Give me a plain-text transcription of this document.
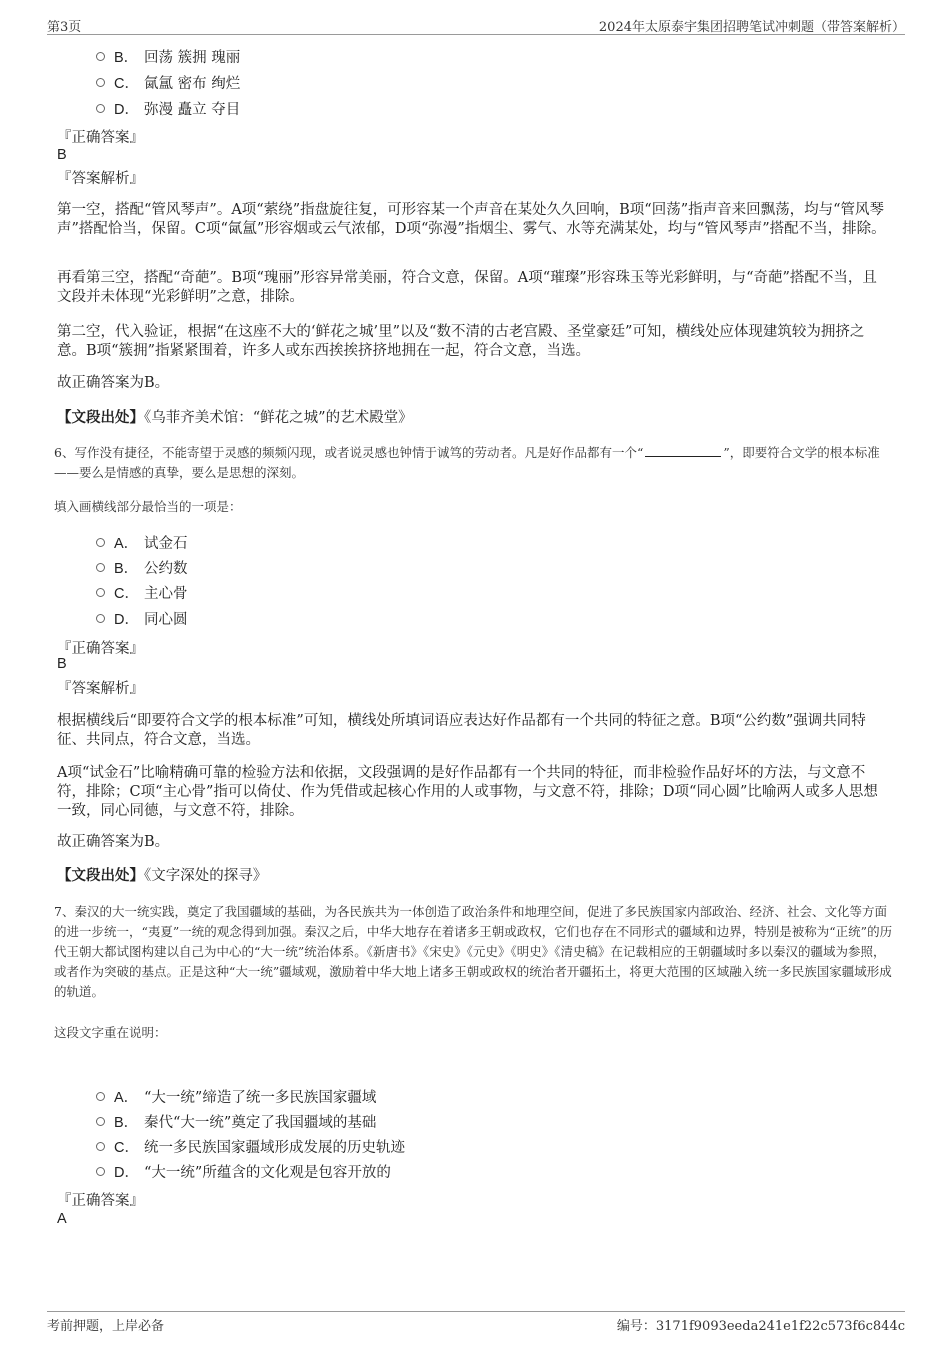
第3页	2024年太原泰宇集团招聘笔试冲刺题（带答案解析）
B． 回荡 簇拥 瑰丽
C． 氤氲 密布 绚烂
D． 弥漫 矗立 夺目
『正确答案』
B
『答案解析』
第一空，搭配“管风琴声”。A项“萦绕”指盘旋往复，可形容某一个声音在某处久久回响，B项“回荡”指声音来回飘荡，均与“管风琴声”搭配恰当，保留。C项“氤氲”形容烟或云气浓郁，D项“弥漫”指烟尘、雾气、水等充满某处，均与“管风琴声”搭配不当，排除。
再看第三空，搭配“奇葩”。B项“瑰丽”形容异常美丽，符合文意，保留。A项“璀璨”形容珠玉等光彩鲜明，与“奇葩”搭配不当，且文段并未体现“光彩鲜明”之意，排除。
第二空，代入验证，根据“在这座不大的‘鲜花之城’里”以及“数不清的古老宫殿、圣堂豪廷”可知，横线处应体现建筑较为拥挤之意。B项“簇拥”指紧紧围着，许多人或东西挨挨挤挤地拥在一起，符合文意，当选。
故正确答案为B。
【文段出处】《乌菲齐美术馆：“鲜花之城”的艺术殿堂》
6、写作没有捷径，不能寄望于灵感的频频闪现，或者说灵感也钟情于诚笃的劳动者。凡是好作品都有一个“	”，即要符合文学的根本标准——要么是情感的真挚，要么是思想的深刻。
填入画横线部分最恰当的一项是：
A． 试金石
B． 公约数
C． 主心骨
D． 同心圆
『正确答案』
B
『答案解析』
根据横线后“即要符合文学的根本标准”可知，横线处所填词语应表达好作品都有一个共同的特征之意。B项“公约数”强调共同特征、共同点，符合文意，当选。
A项“试金石”比喻精确可靠的检验方法和依据，文段强调的是好作品都有一个共同的特征，而非检验作品好坏的方法，与文意不符，排除；C项“主心骨”指可以倚仗、作为凭借或起核心作用的人或事物，与文意不符，排除；D项“同心圆”比喻两人或多人思想一致，同心同德，与文意不符，排除。
故正确答案为B。
【文段出处】《文字深处的探寻》
7、秦汉的大一统实践，奠定了我国疆域的基础，为各民族共为一体创造了政治条件和地理空间，促进了多民族国家内部政治、经济、社会、文化等方面的进一步统一，“夷夏”一统的观念得到加强。秦汉之后，中华大地存在着诸多王朝或政权，它们也存在不同形式的疆域和边界，特别是被称为“正统”的历代王朝大都试图构建以自己为中心的“大一统”统治体系。《新唐书》《宋史》《元史》《明史》《清史稿》在记载相应的王朝疆域时多以秦汉的疆域为参照，或者作为突破的基点。正是这种“大一统”疆域观，激励着中华大地上诸多王朝或政权的统治者开疆拓土，将更大范围的区域融入统一多民族国家疆域形成的轨道。
这段文字重在说明：
A． “大一统”缔造了统一多民族国家疆域
B． 秦代“大一统”奠定了我国疆域的基础
C． 统一多民族国家疆域形成发展的历史轨迹
D． “大一统”所蕴含的文化观是包容开放的
『正确答案』
A
考前押题，上岸必备	编号：3171f9093eeda241e1f22c573f6c844c
